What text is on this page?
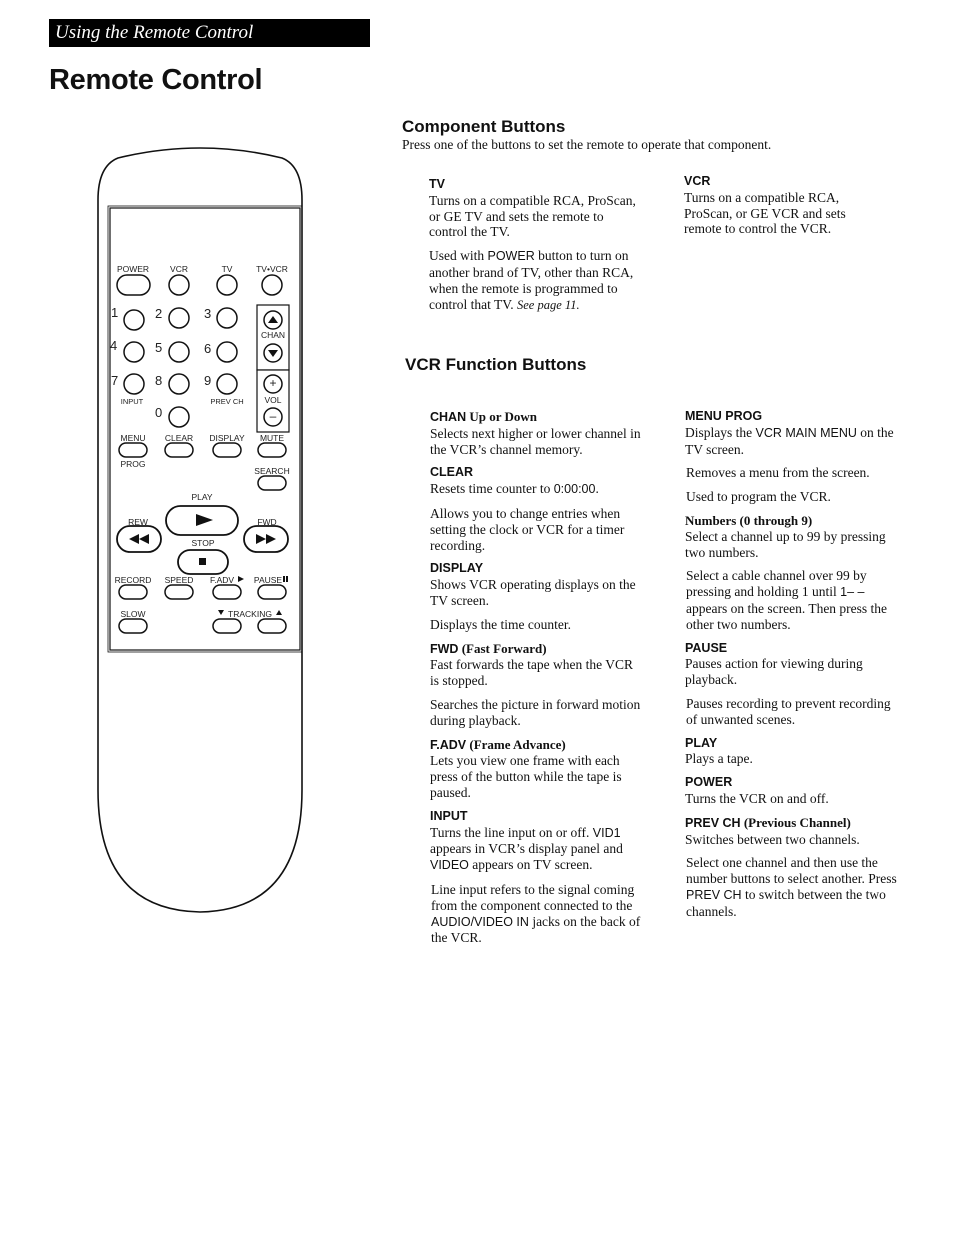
Using the Remote Control
Remote Control
POWER VCR	TV	TV•VCR
1	2	3
4	5	6
7	8	9
0
CHAN
+
VOL
–
INPUT	PREV CH
MENU
PROG
CLEAR DISPLAY MUTE
SEARCH
PLAY
REW	FWD
STOP
RECORD SPEED F.ADV PAUSE
SLOW	TRACKING
Component Buttons
Press one of the buttons to set the remote to operate that component.
TV

Turns on a compatible RCA, ProScan, or GE TV and sets the remote to control the TV.

Used with POWER button to turn on another brand of TV, other than RCA, when the remote is programmed to control that TV. See page 11.

VCR

Turns on a compatible RCA, ProScan, or GE VCR and sets remote to control the VCR.

VCR Function Buttons
CHAN Up or Down

Selects next higher or lower channel in the VCR’s channel memory.

CLEAR

Resets time counter to 0:00:00.

Allows you to change entries when setting the clock or VCR for a timer recording.

DISPLAY

Shows VCR operating displays on the TV screen.

Displays the time counter.

FWD (Fast Forward)

Fast forwards the tape when the VCR is stopped.

Searches the picture in forward motion during playback.

F.ADV (Frame Advance)

Lets you view one frame with each press of the button while the tape is paused.

INPUT

Turns the line input on or off. VID1 appears in VCR’s display panel and VIDEO appears on TV screen.

Line input refers to the signal coming from the component connected to the AUDIO/VIDEO IN jacks on the back of the VCR.

MENU PROG

Displays the VCR MAIN MENU on the TV screen.

Removes a menu from the screen.

Used to program the VCR.

Numbers (0 through 9)

Select a channel up to 99 by pressing two numbers.

Select a cable channel over 99 by pressing and holding 1 until 1– – appears on the screen. Then press the other two numbers.

PAUSE

Pauses action for viewing during playback.

Pauses recording to prevent recording of unwanted scenes.

PLAY

Plays a tape.

POWER

Turns the VCR on and off.

PREV CH (Previous Channel)

Switches between two channels.

Select one channel and then use the number buttons to select another. Press PREV CH to switch between the two channels.
